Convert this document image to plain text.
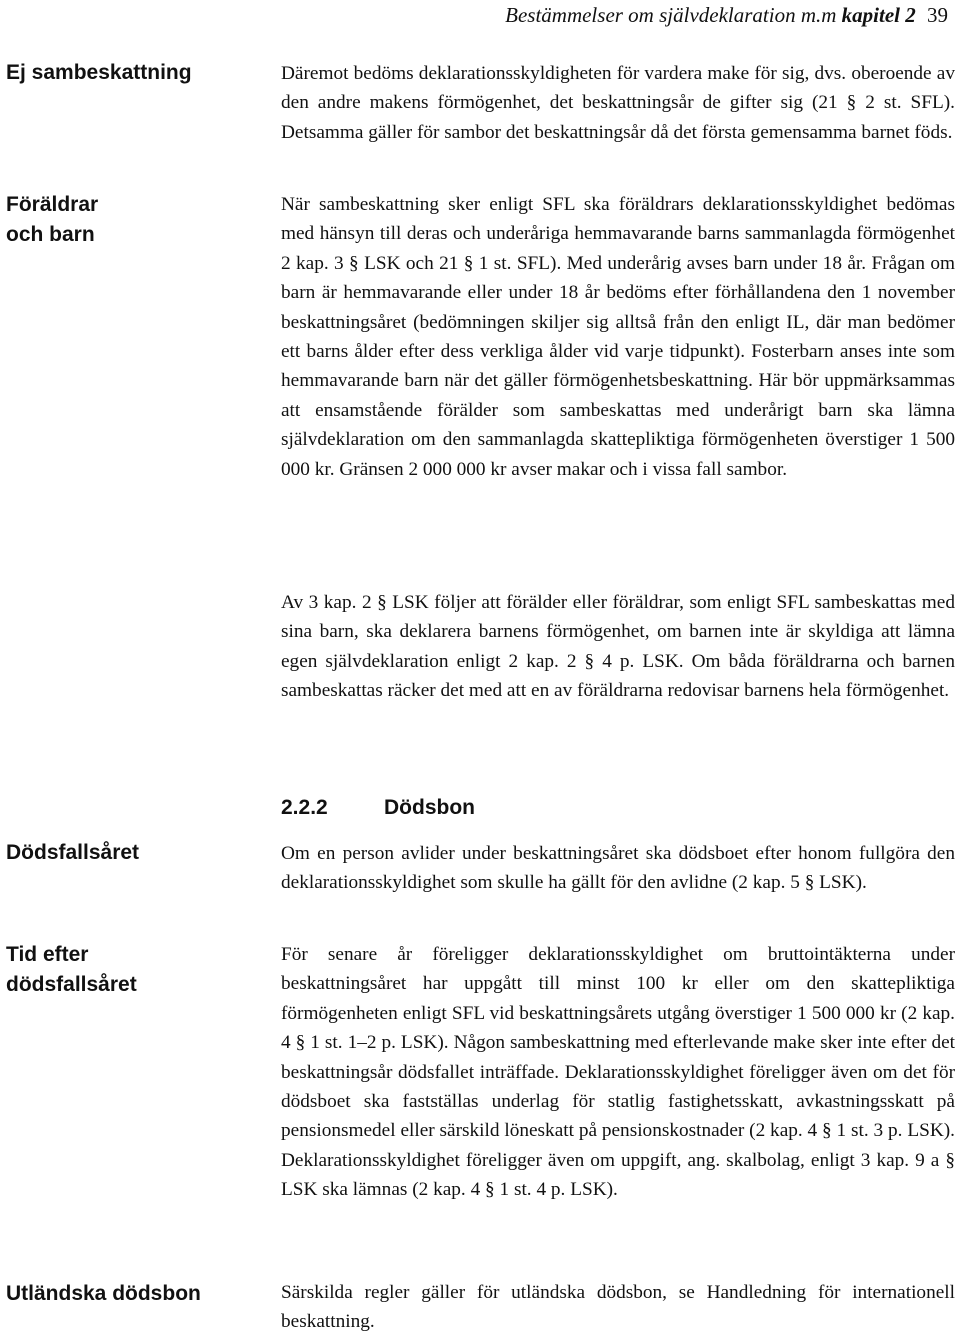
Bestämmelser om självdeklaration m.m kapitel 2 39
Ej sambeskattning
Föräldrar och barn
Dödsfallsåret
Tid efter dödsfallsåret
Utländska dödsbon

Däremot bedöms deklarationsskyldigheten för vardera make för sig, dvs. oberoende av den andre makens förmögenhet, det beskattningsår de gifter sig (21 § 2 st. SFL). Detsamma gäller för sambor det beskattningsår då det första gemensamma barnet föds.

När sambeskattning sker enligt SFL ska föräldrars deklarationsskyldighet bedömas med hänsyn till deras och underåriga hemmavarande barns sammanlagda förmögenhet 2 kap. 3 § LSK och 21 § 1 st. SFL). Med underårig avses barn under 18 år. Frågan om barn är hemmavarande eller under 18 år bedöms efter förhållandena den 1 november beskattningsåret (bedömningen skiljer sig alltså från den enligt IL, där man bedömer ett barns ålder efter dess verkliga ålder vid varje tidpunkt). Fosterbarn anses inte som hemmavarande barn när det gäller förmögenhetsbeskattning. Här bör uppmärksammas att ensamstående förälder som sambeskattas med underårigt barn ska lämna självdeklaration om den sammanlagda skattepliktiga förmögenheten överstiger 1 500 000 kr. Gränsen 2 000 000 kr avser makar och i vissa fall sambor.

Av 3 kap. 2 § LSK följer att förälder eller föräldrar, som enligt SFL sambeskattas med sina barn, ska deklarera barnens förmögenhet, om barnen inte är skyldiga att lämna egen självdeklaration enligt 2 kap. 2 § 4 p. LSK. Om båda föräldrarna och barnen sambeskattas räcker det med att en av föräldrarna redovisar barnens hela förmögenhet.

2.2.2	Dödsbon

Om en person avlider under beskattningsåret ska dödsboet efter honom fullgöra den deklarationsskyldighet som skulle ha gällt för den avlidne (2 kap. 5 § LSK).

För senare år föreligger deklarationsskyldighet om bruttointäkterna under beskattningsåret har uppgått till minst 100 kr eller om den skattepliktiga förmögenheten enligt SFL vid beskattningsårets utgång överstiger 1 500 000 kr (2 kap. 4 § 1 st. 1–2 p. LSK). Någon sambeskattning med efterlevande make sker inte efter det beskattningsår dödsfallet inträffade. Deklarationsskyldighet föreligger även om det för dödsboet ska fastställas underlag för statlig fastighetsskatt, avkastningsskatt på pensionsmedel eller särskild löneskatt på pensionskostnader (2 kap. 4 § 1 st. 3 p. LSK). Deklarationsskyldighet föreligger även om uppgift, ang. skalbolag, enligt 3 kap. 9 a § LSK ska lämnas (2 kap. 4 § 1 st. 4 p. LSK).

Särskilda regler gäller för utländska dödsbon, se Handledning för internationell beskattning.
